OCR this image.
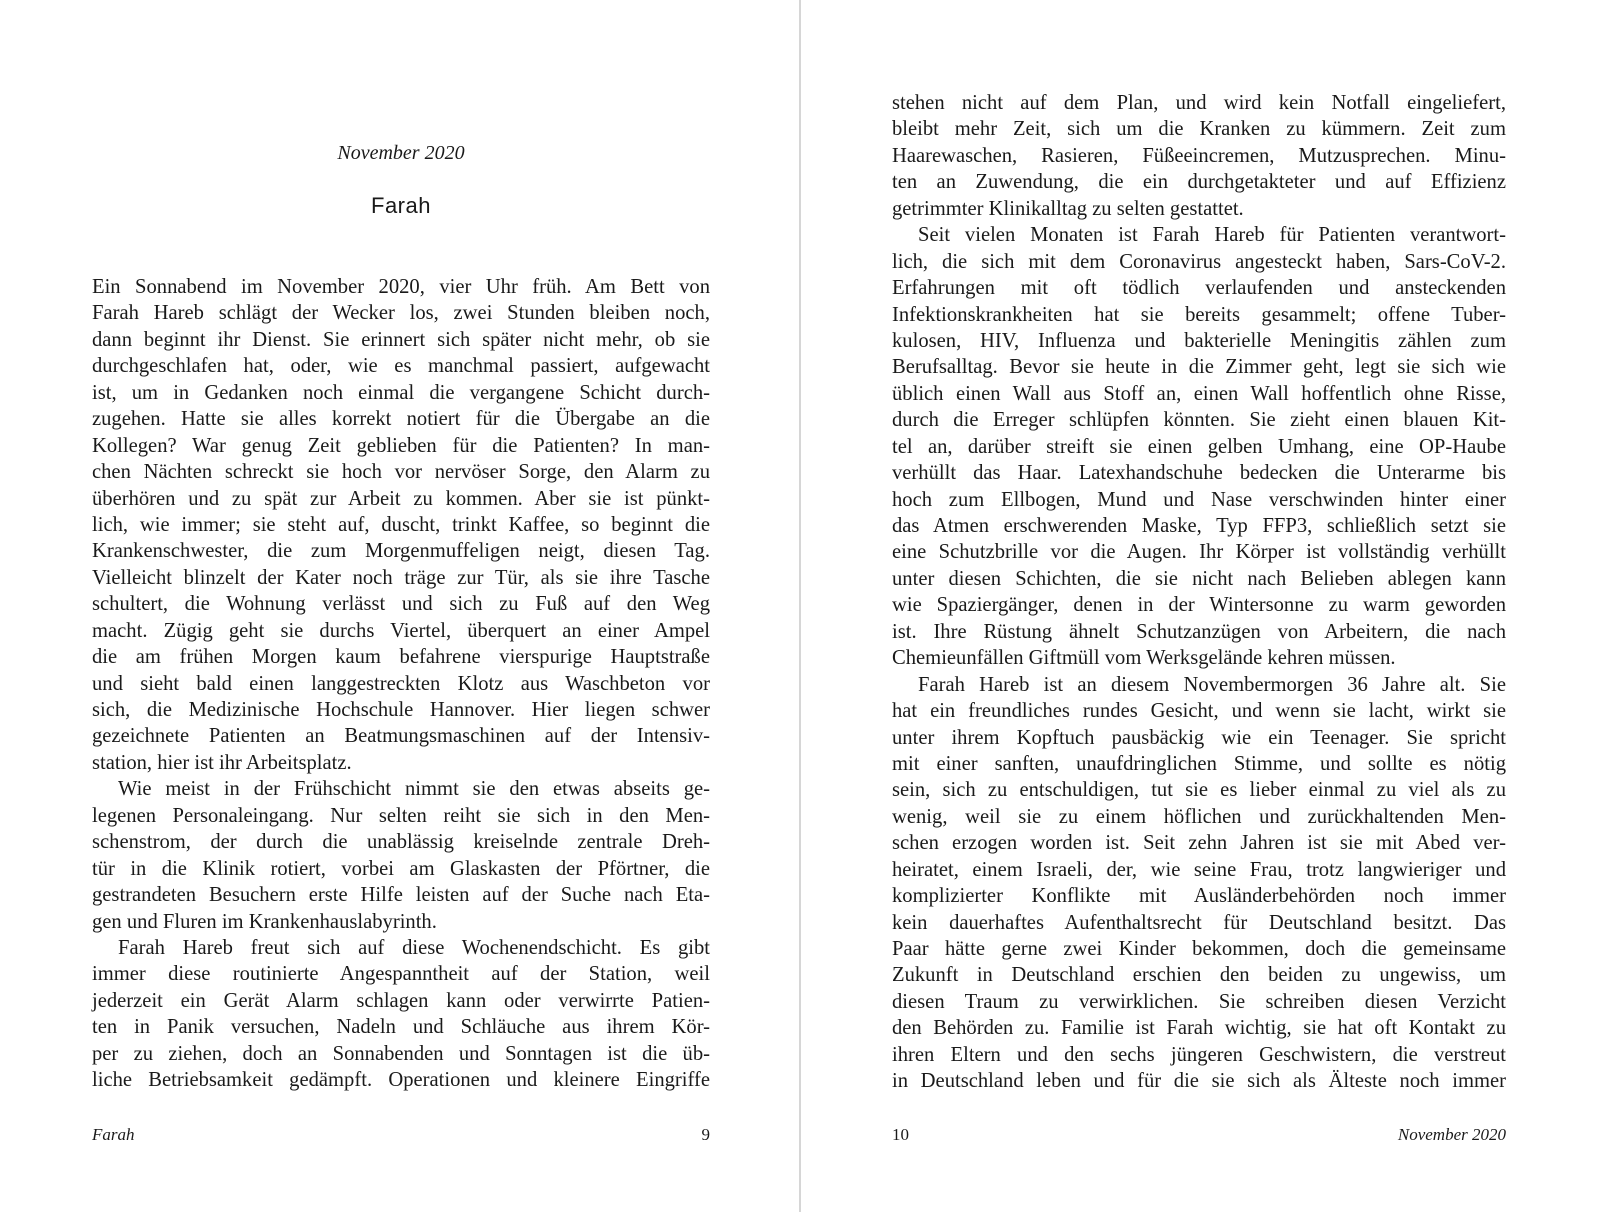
November 2020
Farah
Ein Sonnabend im November 2020, vier Uhr früh. Am Bett von
Farah Hareb schlägt der Wecker los, zwei Stunden bleiben noch,
dann beginnt ihr Dienst. Sie erinnert sich später nicht mehr, ob sie
durchgeschlafen hat, oder, wie es manchmal passiert, aufgewacht
ist, um in Gedanken noch einmal die vergangene Schicht durch-
zugehen. Hatte sie alles korrekt notiert für die Übergabe an die
Kollegen? War genug Zeit geblieben für die Patienten? In man-
chen Nächten schreckt sie hoch vor nervöser Sorge, den Alarm zu
überhören und zu spät zur Arbeit zu kommen. Aber sie ist pünkt-
lich, wie immer; sie steht auf, duscht, trinkt Kaffee, so beginnt die
Krankenschwester, die zum Morgenmuffeligen neigt, diesen Tag.
Vielleicht blinzelt der Kater noch träge zur Tür, als sie ihre Tasche
schultert, die Wohnung verlässt und sich zu Fuß auf den Weg
macht. Zügig geht sie durchs Viertel, überquert an einer Ampel
die am frühen Morgen kaum befahrene vierspurige Hauptstraße
und sieht bald einen langgestreckten Klotz aus Waschbeton vor
sich, die Medizinische Hochschule Hannover. Hier liegen schwer
gezeichnete Patienten an Beatmungsmaschinen auf der Intensiv-
station, hier ist ihr Arbeitsplatz.
Wie meist in der Frühschicht nimmt sie den etwas abseits ge-
legenen Personaleingang. Nur selten reiht sie sich in den Men-
schenstrom, der durch die unablässig kreiselnde zentrale Dreh-
tür in die Klinik rotiert, vorbei am Glaskasten der Pförtner, die
gestrandeten Besuchern erste Hilfe leisten auf der Suche nach Eta-
gen und Fluren im Krankenhauslabyrinth.
Farah Hareb freut sich auf diese Wochenendschicht. Es gibt
immer diese routinierte Angespanntheit auf der Station, weil
jederzeit ein Gerät Alarm schlagen kann oder verwirrte Patien-
ten in Panik versuchen, Nadeln und Schläuche aus ihrem Kör-
per zu ziehen, doch an Sonnabenden und Sonntagen ist die üb-
liche Betriebsamkeit gedämpft. Operationen und kleinere Eingriffe
Farah	9
stehen nicht auf dem Plan, und wird kein Notfall eingeliefert,
bleibt mehr Zeit, sich um die Kranken zu kümmern. Zeit zum
Haarewaschen, Rasieren, Füßeeincremen, Mutzusprechen. Minu-
ten an Zuwendung, die ein durchgetakteter und auf Effizienz
getrimmter Klinikalltag zu selten gestattet.
Seit vielen Monaten ist Farah Hareb für Patienten verantwort-
lich, die sich mit dem Coronavirus angesteckt haben, Sars-CoV-2.
Erfahrungen mit oft tödlich verlaufenden und ansteckenden
Infektionskrankheiten hat sie bereits gesammelt; offene Tuber-
kulosen, HIV, Influenza und bakterielle Meningitis zählen zum
Berufsalltag. Bevor sie heute in die Zimmer geht, legt sie sich wie
üblich einen Wall aus Stoff an, einen Wall hoffentlich ohne Risse,
durch die Erreger schlüpfen könnten. Sie zieht einen blauen Kit-
tel an, darüber streift sie einen gelben Umhang, eine OP-Haube
verhüllt das Haar. Latexhandschuhe bedecken die Unterarme bis
hoch zum Ellbogen, Mund und Nase verschwinden hinter einer
das Atmen erschwerenden Maske, Typ FFP3, schließlich setzt sie
eine Schutzbrille vor die Augen. Ihr Körper ist vollständig verhüllt
unter diesen Schichten, die sie nicht nach Belieben ablegen kann
wie Spaziergänger, denen in der Wintersonne zu warm geworden
ist. Ihre Rüstung ähnelt Schutzanzügen von Arbeitern, die nach
Chemieunfällen Giftmüll vom Werksgelände kehren müssen.
Farah Hareb ist an diesem Novembermorgen 36 Jahre alt. Sie
hat ein freundliches rundes Gesicht, und wenn sie lacht, wirkt sie
unter ihrem Kopftuch pausbäckig wie ein Teenager. Sie spricht
mit einer sanften, unaufdringlichen Stimme, und sollte es nötig
sein, sich zu entschuldigen, tut sie es lieber einmal zu viel als zu
wenig, weil sie zu einem höflichen und zurückhaltenden Men-
schen erzogen worden ist. Seit zehn Jahren ist sie mit Abed ver-
heiratet, einem Israeli, der, wie seine Frau, trotz langwieriger und
komplizierter Konflikte mit Ausländerbehörden noch immer
kein dauerhaftes Aufenthaltsrecht für Deutschland besitzt. Das
Paar hätte gerne zwei Kinder bekommen, doch die gemeinsame
Zukunft in Deutschland erschien den beiden zu ungewiss, um
diesen Traum zu verwirklichen. Sie schreiben diesen Verzicht
den Behörden zu. Familie ist Farah wichtig, sie hat oft Kontakt zu
ihren Eltern und den sechs jüngeren Geschwistern, die verstreut
in Deutschland leben und für die sie sich als Älteste noch immer
10	November 2020
